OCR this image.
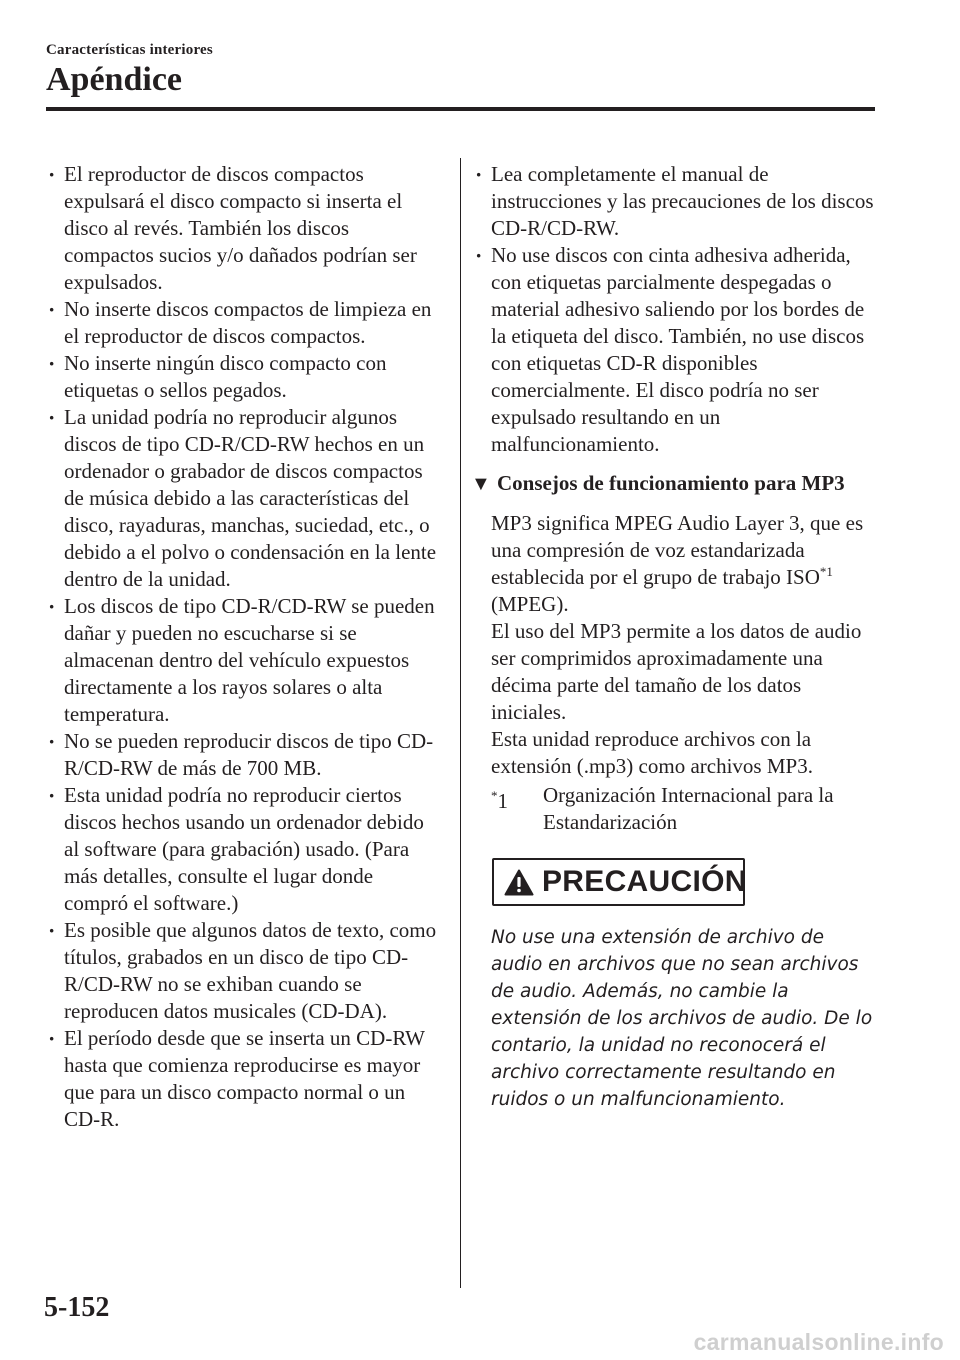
Características interiores
Apéndice
· El reproductor de discos compactos expulsará el disco compacto si inserta el disco al revés. También los discos compactos sucios y/o dañados podrían ser expulsados.
· No inserte discos compactos de limpieza en el reproductor de discos compactos.
· No inserte ningún disco compacto con etiquetas o sellos pegados.
· La unidad podría no reproducir algunos discos de tipo CD-R/CD-RW hechos en un ordenador o grabador de discos compactos de música debido a las características del disco, rayaduras, manchas, suciedad, etc., o debido a el polvo o condensación en la lente dentro de la unidad.
· Los discos de tipo CD-R/CD-RW se pueden dañar y pueden no escucharse si se almacenan dentro del vehículo expuestos directamente a los rayos solares o alta temperatura.
· No se pueden reproducir discos de tipo CD-R/CD-RW de más de 700 MB.
· Esta unidad podría no reproducir ciertos discos hechos usando un ordenador debido al software (para grabación) usado. (Para más detalles, consulte el lugar donde compró el software.)
· Es posible que algunos datos de texto, como títulos, grabados en un disco de tipo CD-R/CD-RW no se exhiban cuando se reproducen datos musicales (CD-DA).
· El período desde que se inserta un CD-RW hasta que comienza reproducirse es mayor que para un disco compacto normal o un CD-R.
· Lea completamente el manual de instrucciones y las precauciones de los discos CD-R/CD-RW.
· No use discos con cinta adhesiva adherida, con etiquetas parcialmente despegadas o material adhesivo saliendo por los bordes de la etiqueta del disco. También, no use discos con etiquetas CD-R disponibles comercialmente. El disco podría no ser expulsado resultando en un malfuncionamiento.
▼ Consejos de funcionamiento para MP3

MP3 significa MPEG Audio Layer 3, que es una compresión de voz estandarizada establecida por el grupo de trabajo ISO$^{*1}$
(MPEG).

El uso del MP3 permite a los datos de audio ser comprimidos aproximadamente una décima parte del tamaño de los datos iniciales.

Esta unidad reproduce archivos con la extensión (.mp3) como archivos MP3.

*1 Organización Internacional para la Estandarización
PRECAUCIÓN
No use una extensión de archivo de audio en archivos que no sean archivos de audio. Además, no cambie la extensión de los archivos de audio. De lo contario, la unidad no reconocerá el archivo correctamente resultando en ruidos o un malfuncionamiento.
5-152
carmanualsonline.info
